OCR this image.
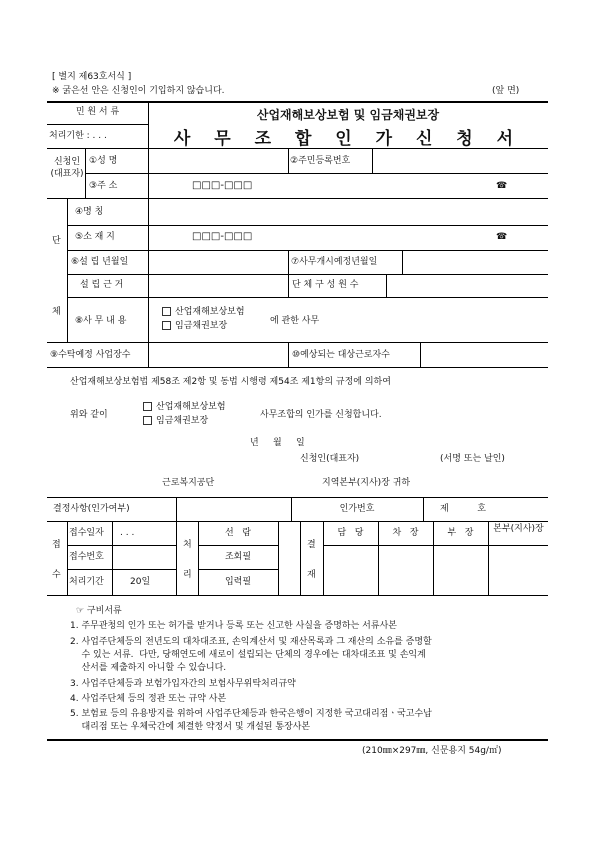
[ 별지 제63호서식 ]
※ 굵은선 안은 신청인이 기입하지 않습니다.	(앞 면)
민 원 서 류
처리기한 : . . .
산업재해보상보험 및 임금채권보장
사 무 조 합 인 가 신 청 서
신청인 (대표자)
①성 명	②주민등록번호
③주 소	□□□-□□□	☎
단
체
④명 칭
⑤소 재 지	□□□-□□□	☎
⑥설 립 년월일	⑦사무개시예정년월일
설 립 근 거	단 체 구 성 원 수
⑧사 무 내 용
산업재해보상보험
임금채권보장	에 관한 사무
⑨수탁예정 사업장수	⑩예상되는 대상근로자수
산업재해보상보험법 제58조 제2항 및 동법 시행령 제54조 제1항의 규정에 의하여
위와 같이
산업재해보상보험
임금채권보장
사무조합의 인가를 신청합니다.
년     월     일
신청인(대표자)	(서명 또는 날인)
근로복지공단	지역본부(지사)장 귀하
결정사항(인가여부)	인가번호	제          호
접
수
접수일자 . . .
접수번호
처리기간	20일
처
리
선   람
조회필
입력필
결
재
담   당	차   장	부   장	본부(지사)장
☞ 구비서류
1. 주무관청의 인가 또는 허가를 받거나 등록 또는 신고한 사실을 증명하는 서류사본
2. 사업주단체등의 전년도의 대차대조표, 손익계산서 및 재산목록과 그 재산의 소유를 증명할
수 있는 서류.  다만, 당해연도에 새로이 설립되는 단체의 경우에는 대차대조표 및 손익계
산서를 제출하지 아니할 수 있습니다.
3. 사업주단체등과 보험가입자간의 보험사무위탁처리규약
4. 사업주단체 등의 정관 또는 규약 사본
5. 보험료 등의 유용방지를 위하여 사업주단체등과 한국은행이 지정한 국고대리점ㆍ국고수납
대리점 또는 우체국간에 체결한 약정서 및 개설된 통장사본
(210㎜×297㎜, 신문용지 54g/㎡)
